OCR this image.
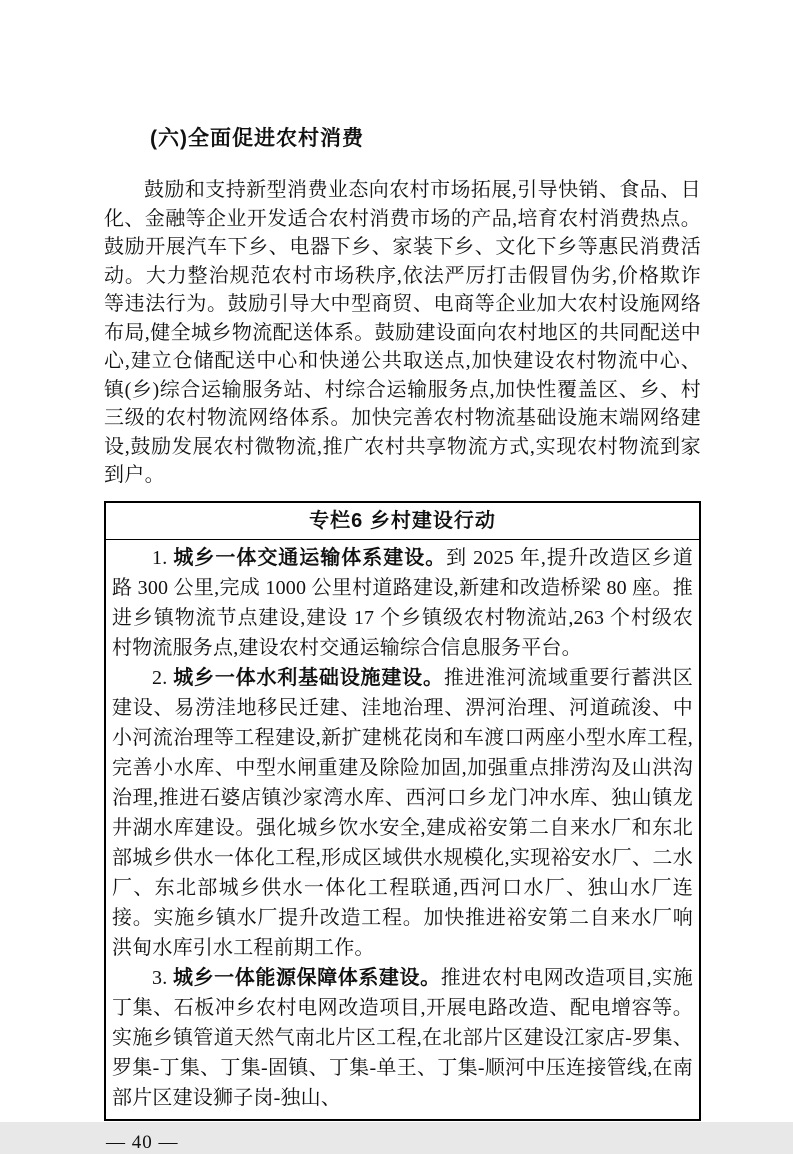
(六)全面促进农村消费

鼓励和支持新型消费业态向农村市场拓展,引导快销、食品、日化、金融等企业开发适合农村消费市场的产品,培育农村消费热点。鼓励开展汽车下乡、电器下乡、家装下乡、文化下乡等惠民消费活动。大力整治规范农村市场秩序,依法严厉打击假冒伪劣,价格欺诈等违法行为。鼓励引导大中型商贸、电商等企业加大农村设施网络布局,健全城乡物流配送体系。鼓励建设面向农村地区的共同配送中心,建立仓储配送中心和快递公共取送点,加快建设农村物流中心、镇(乡)综合运输服务站、村综合运输服务点,加快性覆盖区、乡、村三级的农村物流网络体系。加快完善农村物流基础设施末端网络建设,鼓励发展农村微物流,推广农村共享物流方式,实现农村物流到家到户。

专栏6 乡村建设行动

1. 城乡一体交通运输体系建设。到 2025 年,提升改造区乡道路 300 公里,完成 1000 公里村道路建设,新建和改造桥梁 80 座。推进乡镇物流节点建设,建设 17 个乡镇级农村物流站,263 个村级农村物流服务点,建设农村交通运输综合信息服务平台。

2. 城乡一体水利基础设施建设。推进淮河流域重要行蓄洪区建设、易涝洼地移民迁建、洼地治理、淠河治理、河道疏浚、中小河流治理等工程建设,新扩建桃花岗和车渡口两座小型水库工程,完善小水库、中型水闸重建及除险加固,加强重点排涝沟及山洪沟治理,推进石婆店镇沙家湾水库、西河口乡龙门冲水库、独山镇龙井湖水库建设。强化城乡饮水安全,建成裕安第二自来水厂和东北部城乡供水一体化工程,形成区域供水规模化,实现裕安水厂、二水厂、东北部城乡供水一体化工程联通,西河口水厂、独山水厂连接。实施乡镇水厂提升改造工程。加快推进裕安第二自来水厂响洪甸水库引水工程前期工作。

3. 城乡一体能源保障体系建设。推进农村电网改造项目,实施丁集、石板冲乡农村电网改造项目,开展电路改造、配电增容等。实施乡镇管道天然气南北片区工程,在北部片区建设江家店-罗集、罗集-丁集、丁集-固镇、丁集-单王、丁集-顺河中压连接管线,在南部片区建设狮子岗-独山、

— 40 —
